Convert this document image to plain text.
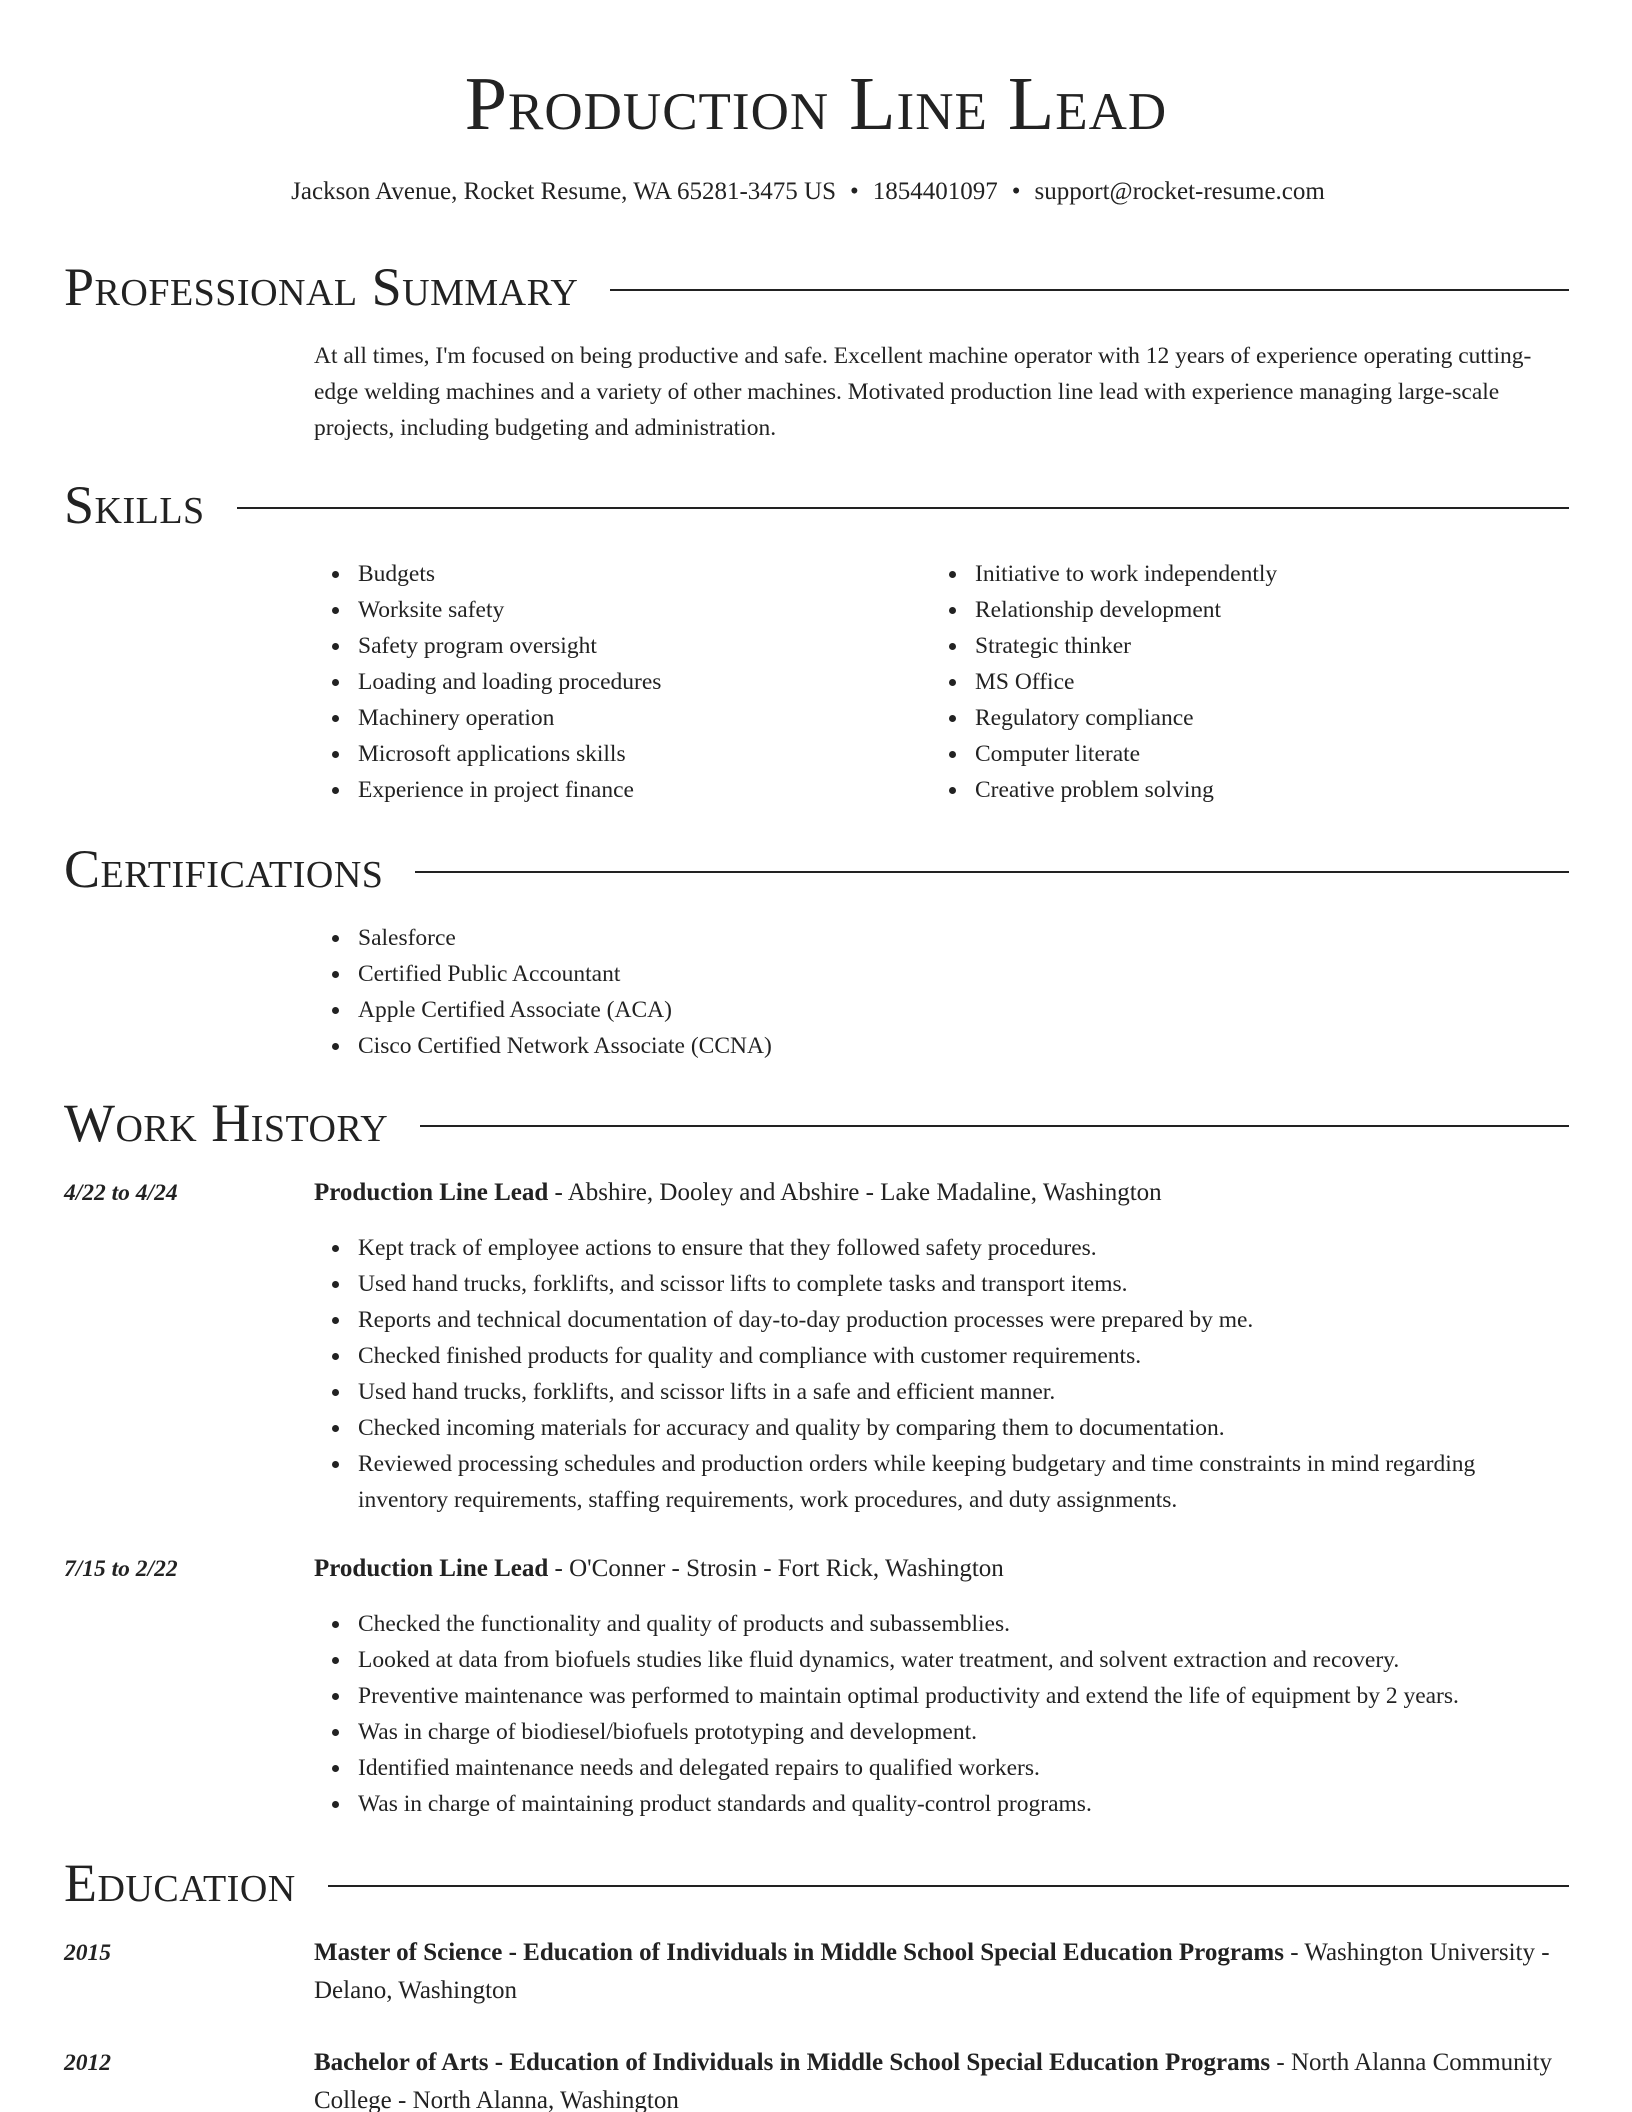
Production Line Lead
Jackson Avenue, Rocket Resume, WA 65281-3475 US • 1854401097 • support@rocket-resume.com
Professional Summary
At all times, I'm focused on being productive and safe. Excellent machine operator with 12 years of experience operating cutting-edge welding machines and a variety of other machines. Motivated production line lead with experience managing large-scale projects, including budgeting and administration.
Skills
Budgets
Worksite safety
Safety program oversight
Loading and loading procedures
Machinery operation
Microsoft applications skills
Experience in project finance
Initiative to work independently
Relationship development
Strategic thinker
MS Office
Regulatory compliance
Computer literate
Creative problem solving
Certifications
Salesforce
Certified Public Accountant
Apple Certified Associate (ACA)
Cisco Certified Network Associate (CCNA)
Work History
4/22 to 4/24	Production Line Lead - Abshire, Dooley and Abshire - Lake Madaline, Washington
Kept track of employee actions to ensure that they followed safety procedures.
Used hand trucks, forklifts, and scissor lifts to complete tasks and transport items.
Reports and technical documentation of day-to-day production processes were prepared by me.
Checked finished products for quality and compliance with customer requirements.
Used hand trucks, forklifts, and scissor lifts in a safe and efficient manner.
Checked incoming materials for accuracy and quality by comparing them to documentation.
Reviewed processing schedules and production orders while keeping budgetary and time constraints in mind regarding inventory requirements, staffing requirements, work procedures, and duty assignments.
7/15 to 2/22	Production Line Lead - O'Conner - Strosin - Fort Rick, Washington
Checked the functionality and quality of products and subassemblies.
Looked at data from biofuels studies like fluid dynamics, water treatment, and solvent extraction and recovery.
Preventive maintenance was performed to maintain optimal productivity and extend the life of equipment by 2 years.
Was in charge of biodiesel/biofuels prototyping and development.
Identified maintenance needs and delegated repairs to qualified workers.
Was in charge of maintaining product standards and quality-control programs.
Education
2015	Master of Science - Education of Individuals in Middle School Special Education Programs - Washington University - Delano, Washington
2012	Bachelor of Arts - Education of Individuals in Middle School Special Education Programs - North Alanna Community College - North Alanna, Washington
